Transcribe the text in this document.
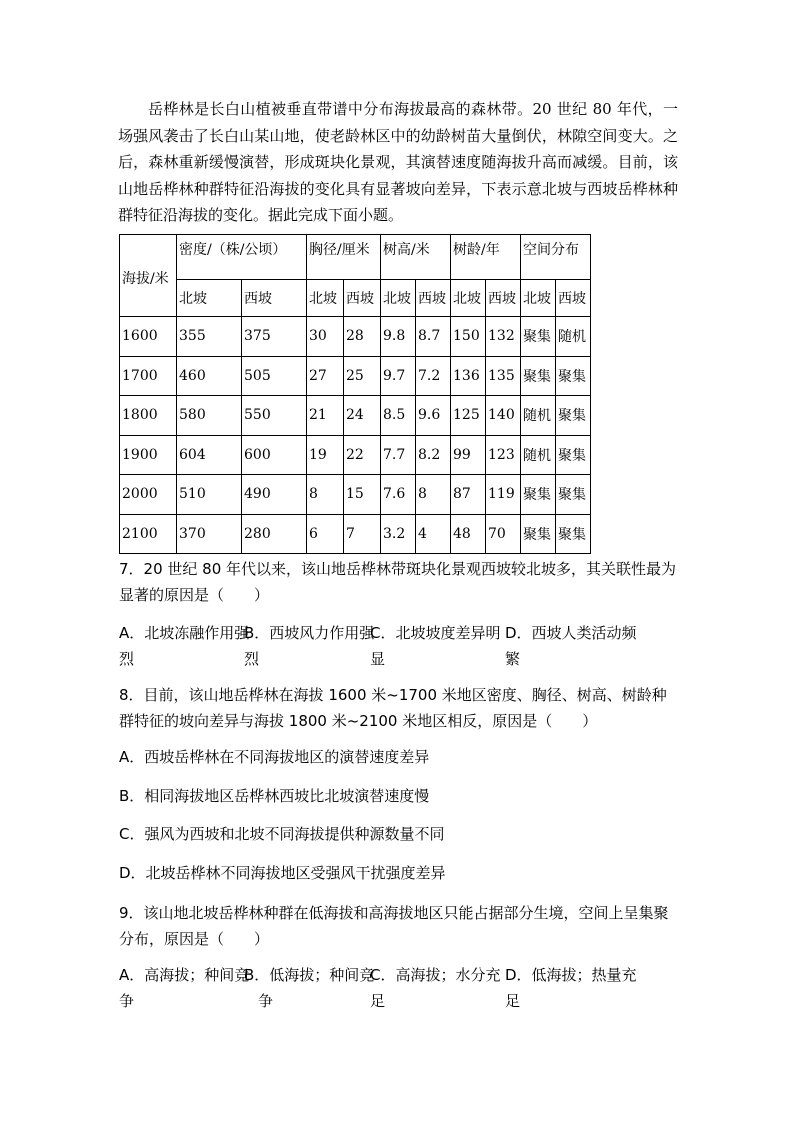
岳桦林是长白山植被垂直带谱中分布海拔最高的森林带。20 世纪 80 年代，一场强风袭击了长白山某山地，使老龄林区中的幼龄树苗大量倒伏，林隙空间变大。之后，森林重新缓慢演替，形成斑块化景观，其演替速度随海拔升高而减缓。目前，该山地岳桦林种群特征沿海拔的变化具有显著坡向差异，下表示意北坡与西坡岳桦林种群特征沿海拔的变化。据此完成下面小题。

海拔/米	密度/（株/公顷）		胸径/厘米		树高/米		树龄/年		空间分布	
	北坡	西坡	北坡	西坡	北坡	西坡	北坡	西坡	北坡	西坡
1600	355	375	30	28	9.8	8.7	150	132	聚集	随机
1700	460	505	27	25	9.7	7.2	136	135	聚集	聚集
1800	580	550	21	24	8.5	9.6	125	140	随机	聚集
1900	604	600	19	22	7.7	8.2	99	123	随机	聚集
2000	510	490	8	15	7.6	8	87	119	聚集	聚集
2100	370	280	6	7	3.2	4	48	70	聚集	聚集
7．20 世纪 80 年代以来，该山地岳桦林带斑块化景观西坡较北坡多，其关联性最为显著的原因是（　　）
A．北坡冻融作用强
烈
B．西坡风力作用强
烈
C．北坡坡度差异明
显
D．西坡人类活动频
繁
8．目前，该山地岳桦林在海拔 1600 米~1700 米地区密度、胸径、树高、树龄种群特征的坡向差异与海拔 1800 米~2100 米地区相反，原因是（　　）
A．西坡岳桦林在不同海拔地区的演替速度差异
B．相同海拔地区岳桦林西坡比北坡演替速度慢
C．强风为西坡和北坡不同海拔提供种源数量不同
D．北坡岳桦林不同海拔地区受强风干扰强度差异
9．该山地北坡岳桦林种群在低海拔和高海拔地区只能占据部分生境，空间上呈集聚分布，原因是（　　）
A．高海拔；种间竞
争
B．低海拔；种间竞
争
C．高海拔；水分充
足
D．低海拔；热量充
足
